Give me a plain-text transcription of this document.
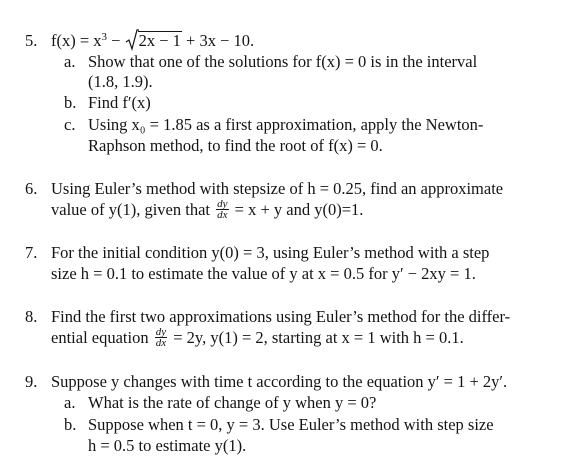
5. $f(x) = x^3$ −
2x − 1 + 3x − 10.
a. Show that one of the solutions for f(x) = 0 is in the interval
(1.8, 1.9).
b. Find f′(x)
c. Using x₀ = 1.85 as a first approximation, apply the Newton-
Raphson method, to find the root of f(x) = 0.
6. Using Euler’s method with stepsize of h = 0.25, find an approximate
value of y(1), given that $\frac{dy}{dx} = x + y$ and y(0)=1.
7. For the initial condition y(0) = 3, using Euler’s method with a step
size h = 0.1 to estimate the value of y at x = 0.5 for y′ − 2xy = 1.
8. Find the first two approximations using Euler’s method for the differ-
ential equation $\frac{dy}{dx} = 2y$, y(1) = 2, starting at x = 1 with h = 0.1.
9. Suppose y changes with time t according to the equation y′ = 1 + 2y′.
a. What is the rate of change of y when y = 0?
b. Suppose when t = 0, y = 3. Use Euler’s method with step size
h = 0.5 to estimate y(1).
